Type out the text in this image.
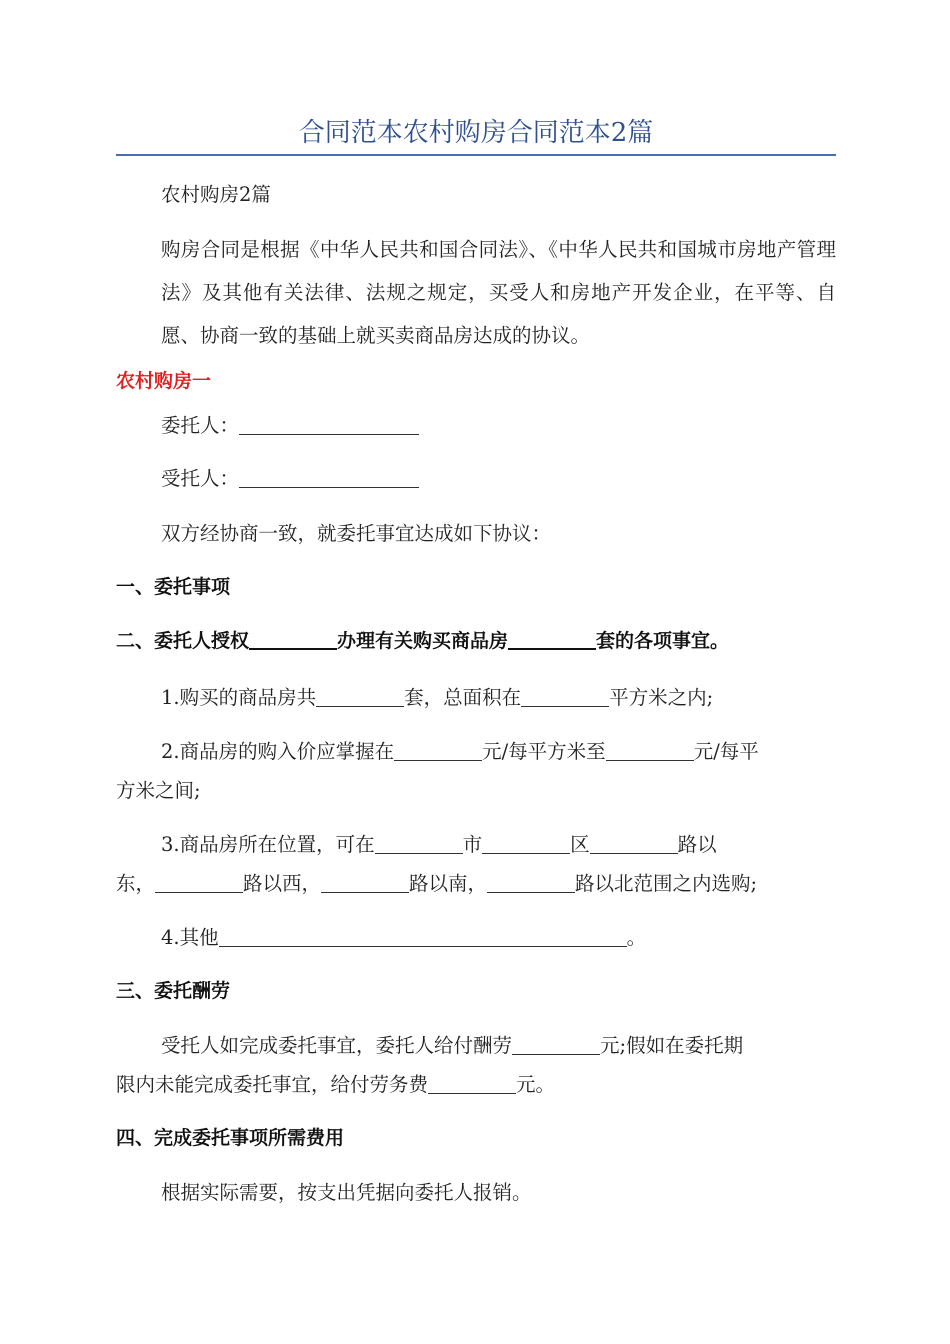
合同范本农村购房合同范本2篇

农村购房2篇

购房合同是根据《中华人民共和国合同法》、《中华人民共和国城市房地产管理法》及其他有关法律、法规之规定，买受人和房地产开发企业，在平等、自愿、协商一致的基础上就买卖商品房达成的协议。

农村购房一

委托人：

受托人：

双方经协商一致，就委托事宜达成如下协议：

一、委托事项

二、委托人授权	办理有关购买商品房	套的各项事宜。

1.购买的商品房共	套，总面积在	平方米之内;

2.商品房的购入价应掌握在	元/每平方米至	元/每平

方米之间;

3.商品房所在位置，可在	市	区	路以

东，	路以西，	路以南，	路以北范围之内选购;

4.其他	。

三、委托酬劳

受托人如完成委托事宜，委托人给付酬劳	元;假如在委托期

限内未能完成委托事宜，给付劳务费	元。

四、完成委托事项所需费用

根据实际需要，按支出凭据向委托人报销。
